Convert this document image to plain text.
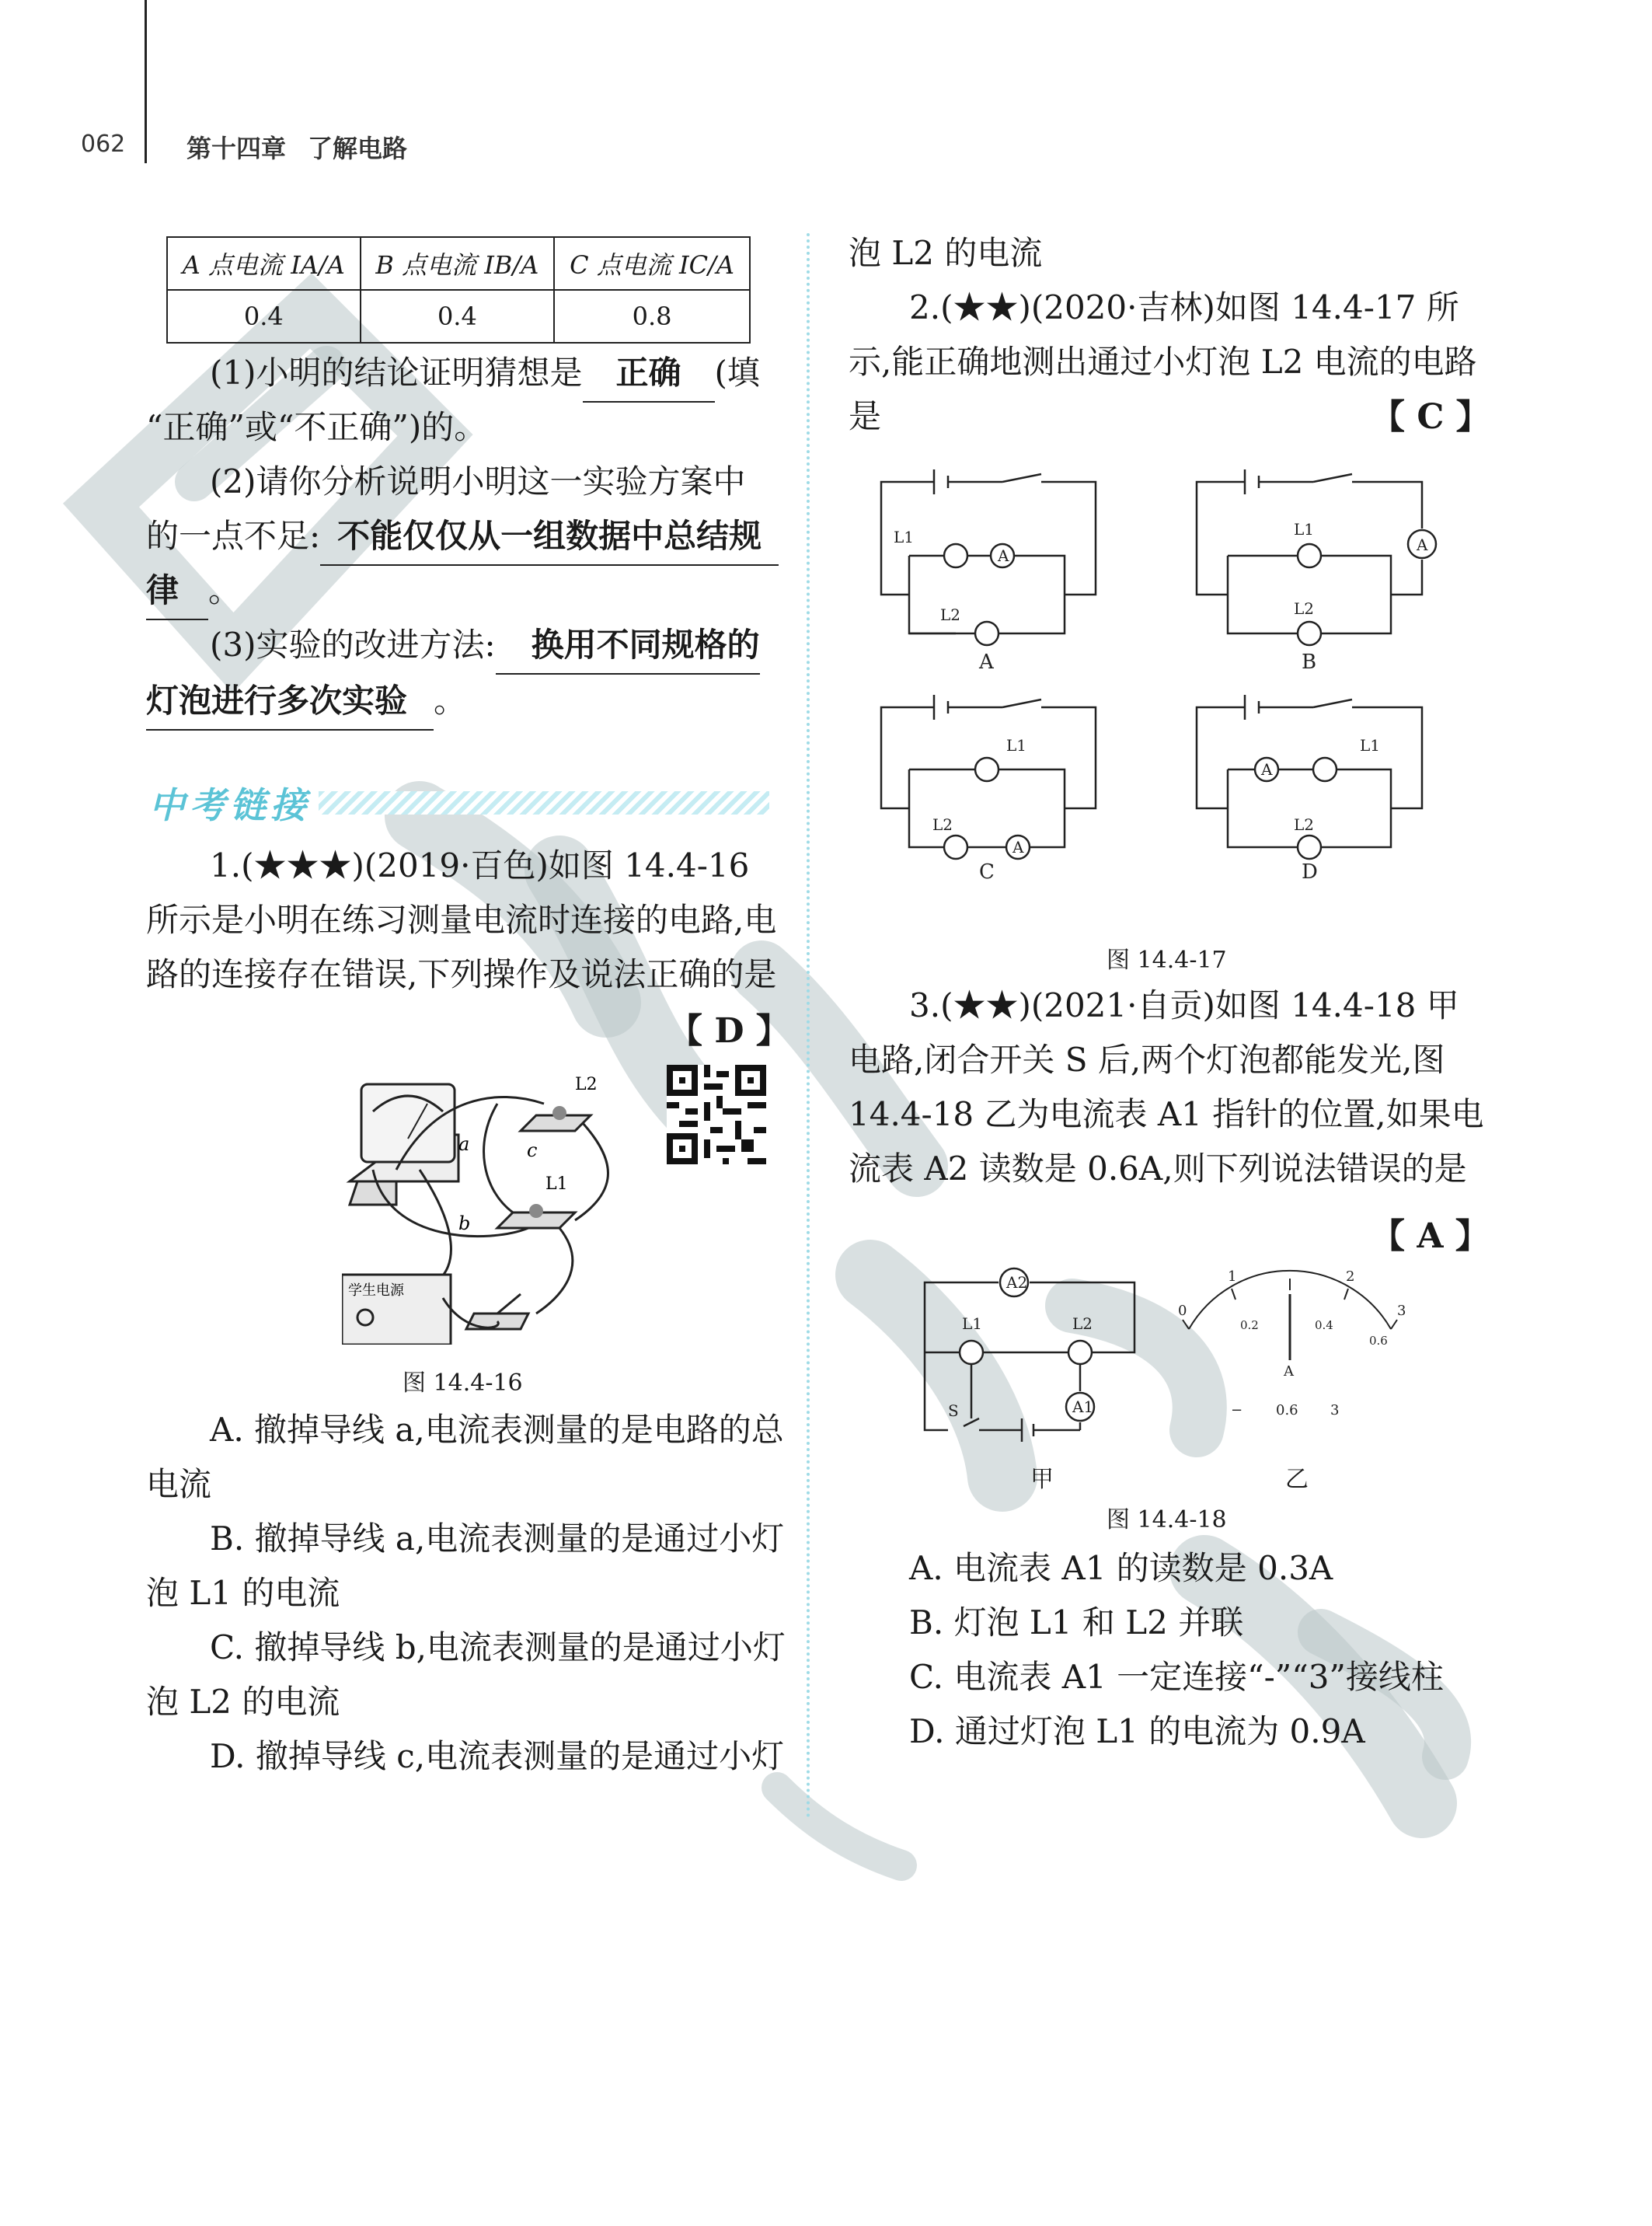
062 第十四章 了解电路
A 点电流 IA/A	B 点电流 IB/A	C 点电流 IC/A
0.4	0.4	0.8
(1)小明的结论证明猜想是 正确 (填
“正确”或“不正确”)的。
(2)请你分析说明小明这一实验方案中
的一点不足: 不能仅仅从一组数据中总结规
律 。
(3)实验的改进方法: 换用不同规格的
灯泡进行多次实验 。
中考链接
1.(★★★)(2019·百色)如图 14.4-16
所示是小明在练习测量电流时连接的电路,电
路的连接存在错误,下列操作及说法正确的是
【 D 】
a
b
c
L2
L1
学生电源
图 14.4-16
A. 撤掉导线 a,电流表测量的是电路的总
电流
B. 撤掉导线 a,电流表测量的是通过小灯
泡 L1 的电流
C. 撤掉导线 b,电流表测量的是通过小灯
泡 L2 的电流
D. 撤掉导线 c,电流表测量的是通过小灯
泡 L2 的电流
2.(★★)(2020·吉林)如图 14.4-17 所
示,能正确地测出通过小灯泡 L2 电流的电路
是	【 C 】
A
A
A
A
L1
L2
L1
L2
L1
L2
L1
L2
A	B
C	D
图 14.4-17
3.(★★)(2021·自贡)如图 14.4-18 甲
电路,闭合开关 S 后,两个灯泡都能发光,图
14.4-18 乙为电流表 A1 指针的位置,如果电
流表 A2 读数是 0.6A,则下列说法错误的是
【 A 】
A2
A1
L1	L2
S
0
1	2
3
0.2	0.4
0.6
A
− 0.6 3
甲	乙
图 14.4-18
A. 电流表 A1 的读数是 0.3A
B. 灯泡 L1 和 L2 并联
C. 电流表 A1 一定连接“-”“3”接线柱
D. 通过灯泡 L1 的电流为 0.9A
